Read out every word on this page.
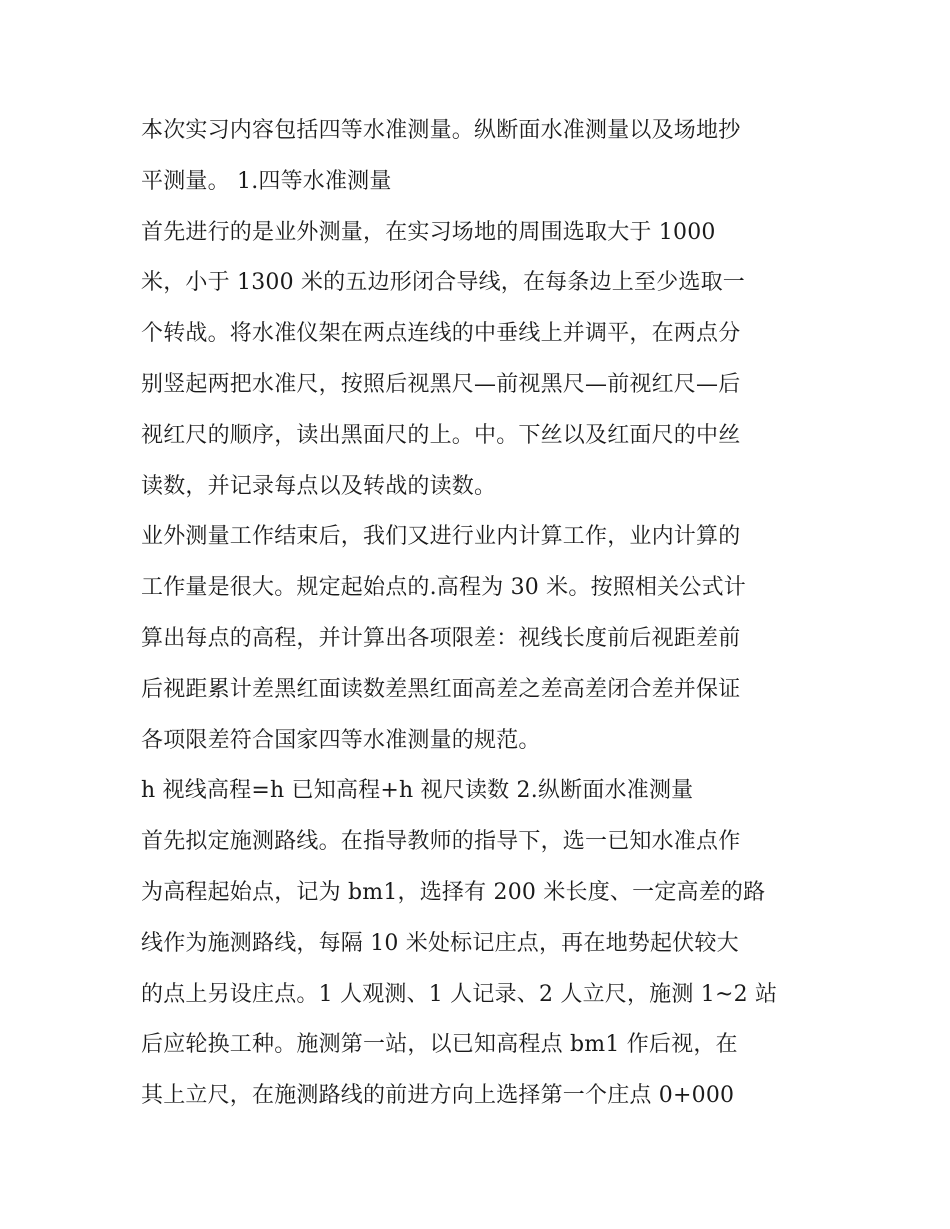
本次实习内容包括四等水准测量。纵断面水准测量以及场地抄
平测量。 1.四等水准测量
首先进行的是业外测量，在实习场地的周围选取大于 1000
米，小于 1300 米的五边形闭合导线，在每条边上至少选取一
个转战。将水准仪架在两点连线的中垂线上并调平，在两点分
别竖起两把水准尺，按照后视黑尺—前视黑尺—前视红尺—后
视红尺的顺序，读出黑面尺的上。中。下丝以及红面尺的中丝
读数，并记录每点以及转战的读数。
业外测量工作结束后，我们又进行业内计算工作，业内计算的
工作量是很大。规定起始点的.高程为 30 米。按照相关公式计
算出每点的高程，并计算出各项限差：视线长度前后视距差前
后视距累计差黑红面读数差黑红面高差之差高差闭合差并保证
各项限差符合国家四等水准测量的规范。
h 视线高程=h 已知高程+h 视尺读数 2.纵断面水准测量
首先拟定施测路线。在指导教师的指导下，选一已知水准点作
为高程起始点，记为 bm1，选择有 200 米长度、一定高差的路
线作为施测路线，每隔 10 米处标记庄点，再在地势起伏较大
的点上另设庄点。1 人观测、1 人记录、2 人立尺，施测 1~2 站
后应轮换工种。施测第一站，以已知高程点 bm1 作后视，在
其上立尺，在施测路线的前进方向上选择第一个庄点 0+000
